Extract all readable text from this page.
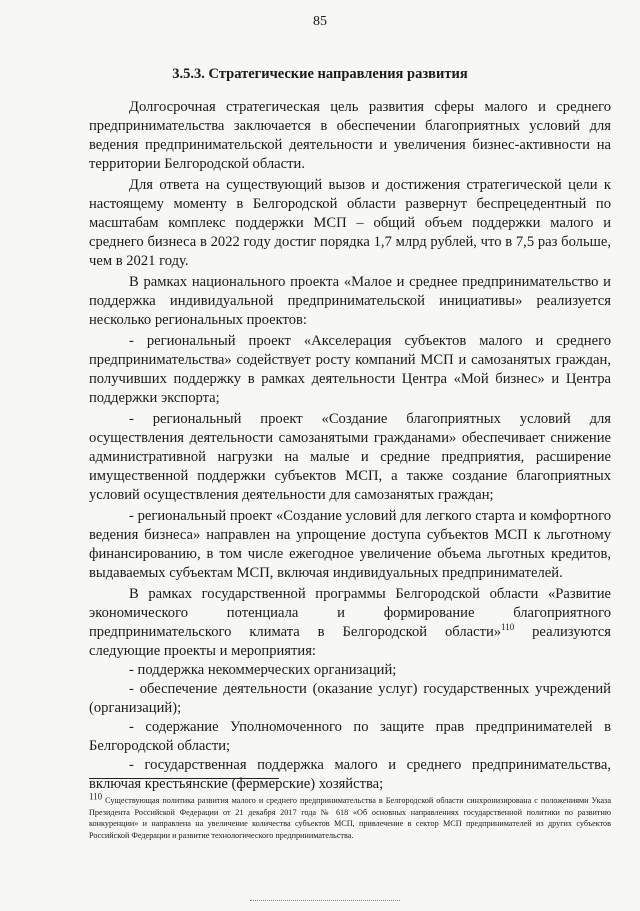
85
3.5.3. Стратегические направления развития

Долгосрочная стратегическая цель развития сферы малого и среднего предпринимательства заключается в обеспечении благоприятных условий для ведения предпринимательской деятельности и увеличения бизнес-активности на территории Белгородской области.

Для ответа на существующий вызов и достижения стратегической цели к настоящему моменту в Белгородской области развернут беспрецедентный по масштабам комплекс поддержки МСП – общий объем поддержки малого и среднего бизнеса в 2022 году достиг порядка 1,7 млрд рублей, что в 7,5 раз больше, чем в 2021 году.

В рамках национального проекта «Малое и среднее предпринимательство и поддержка индивидуальной предпринимательской инициативы» реализуется несколько региональных проектов:

- региональный проект «Акселерация субъектов малого и среднего предпринимательства» содействует росту компаний МСП и самозанятых граждан, получивших поддержку в рамках деятельности Центра «Мой бизнес» и Центра поддержки экспорта;

- региональный проект «Создание благоприятных условий для осуществления деятельности самозанятыми гражданами» обеспечивает снижение административной нагрузки на малые и средние предприятия, расширение имущественной поддержки субъектов МСП, а также создание благоприятных условий осуществления деятельности для самозанятых граждан;

- региональный проект «Создание условий для легкого старта и комфортного ведения бизнеса» направлен на упрощение доступа субъектов МСП к льготному финансированию, в том числе ежегодное увеличение объема льготных кредитов, выдаваемых субъектам МСП, включая индивидуальных предпринимателей.

В рамках государственной программы Белгородской области «Развитие экономического потенциала и формирование благоприятного предпринимательского климата в Белгородской области»$^{110}$ реализуются следующие проекты и мероприятия:

- поддержка некоммерческих организаций;

- обеспечение деятельности (оказание услуг) государственных учреждений (организаций);

- содержание Уполномоченного по защите прав предпринимателей в Белгородской области;

- государственная поддержка малого и среднего предпринимательства, включая крестьянские (фермерские) хозяйства;

$^{110}$ Существующая политика развития малого и среднего предпринимательства в Белгородской области синхронизирована с положениями Указа Президента Российской Федерации от 21 декабря 2017 года № 618 «Об основных направлениях государственной политики по развитию конкуренции» и направлена на увеличение количества субъектов МСП, привлечение в сектор МСП предпринимателей из других субъектов Российской Федерации и развитие технологического предпринимательства.
